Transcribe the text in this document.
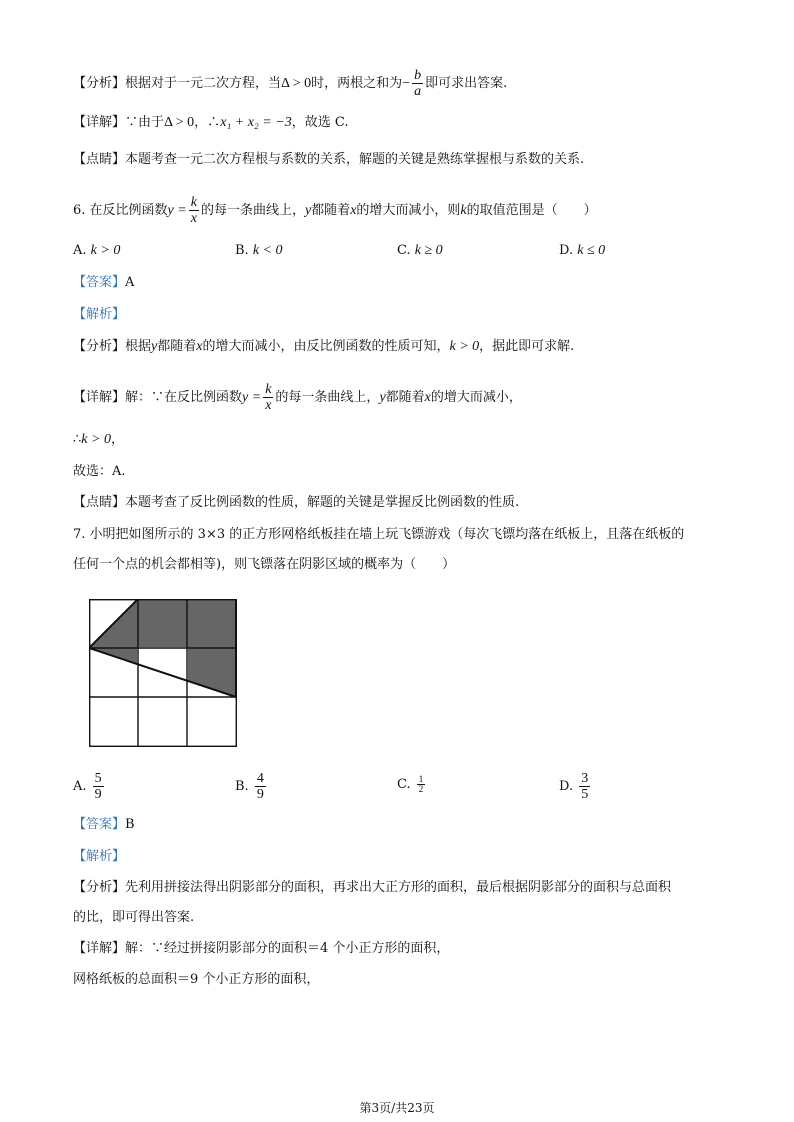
【分析】根据对于一元二次方程，当Δ > 0时，两根之和为− $\frac{b}{a}$ 即可求出答案.
【详解】∵由于Δ > 0，∴x₁ + x₂ = −3，故选 C.
【点睛】本题考查一元二次方程根与系数的关系，解题的关键是熟练掌握根与系数的关系.
6. 在反比例函数$y = \frac{k}{x}$ 的每一条曲线上，y都随着x的增大而减小，则k的取值范围是（　　）
A. k > 0	B. k < 0	C. k ≥ 0	D. k ≤ 0
【答案】A
【解析】
【分析】根据y都随着x的增大而减小，由反比例函数的性质可知，k > 0，据此即可求解.
【详解】解：∵在反比例函数$y = \frac{k}{x}$ 的每一条曲线上，y都随着x的增大而减小，
∴k > 0，
故选：A.
【点睛】本题考查了反比例函数的性质，解题的关键是掌握反比例函数的性质.
7. 小明把如图所示的 3×3 的正方形网格纸板挂在墙上玩飞镖游戏（每次飞镖均落在纸板上，且落在纸板的
任何一个点的机会都相等)，则飞镖落在阴影区域的概率为（　　）
A. $\frac{5}{9}$	B. $\frac{4}{9}$	C. $\frac{1}{2}$	D. $\frac{3}{5}$
【答案】B
【解析】
【分析】先利用拼接法得出阴影部分的面积，再求出大正方形的面积，最后根据阴影部分的面积与总面积
的比，即可得出答案.
【详解】解：∵经过拼接阴影部分的面积＝4 个小正方形的面积，
网格纸板的总面积＝9 个小正方形的面积，
第3页/共23页
